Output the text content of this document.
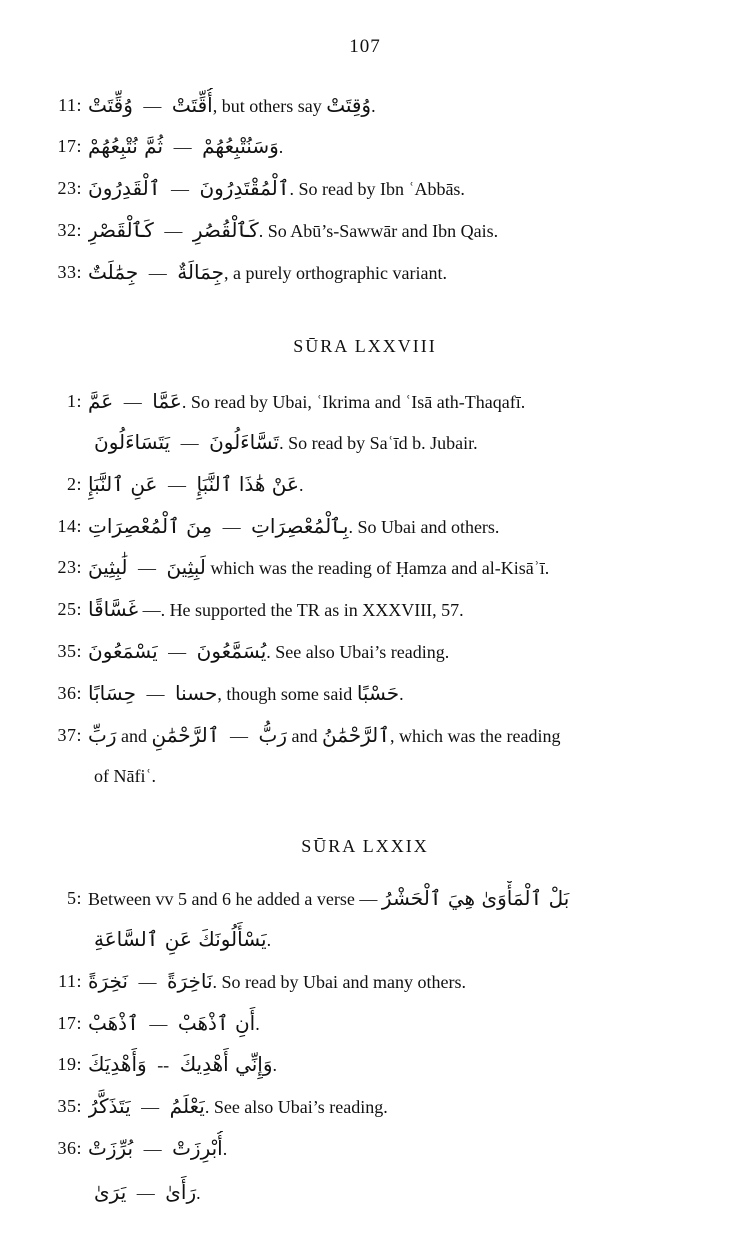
107
11: وُقِّتَتْ — أُقِّتَتْ, but others say وُقِتَتْ.
17: ثُمَّ نُتْبِعُهُمْ — وَسَنُتْبِعُهُمْ.
23: ٱلْقَدِرُونَ — ٱلْمُقْتَدِرُونَ. So read by Ibn ʿAbbās.
32: كَٱلْقَصْرِ — كَٱلْقُصُرِ. So Abū’s-Sawwār and Ibn Qais.
33: جِمَٰلَتٌ — جِمَالَةٌ, a purely orthographic variant.
SŪRA LXXVIII
1: عَمَّ — عَمَّا. So read by Ubai, ʿIkrima and ʿIsā ath-Thaqafī.
يَتَسَاءَلُونَ — تَسَّاءَلُونَ. So read by Saʿīd b. Jubair.
2: عَنِ ٱلنَّبَإِ — عَنْ هَٰذَا ٱلنَّبَإِ.
14: مِنَ ٱلْمُعْصِرَاتِ — بِٱلْمُعْصِرَاتِ. So Ubai and others.
23: لَٰبِثِينَ — لَبِثِينَ which was the reading of Ḥamza and al-Kisāʾī.
25: غَسَّاقًا —. He supported the TR as in XXXVIII, 57.
35: يَسْمَعُونَ — يُسَمَّعُونَ. See also Ubai’s reading.
36: حِسَابًا — حسنا, though some said حَسْبًا.
37: رَبِّ and ٱلرَّحْمَٰنِ — رَبُّ and ٱلرَّحْمَٰنُ, which was the reading
of Nāfiʿ.
SŪRA LXXIX
5: Between vv 5 and 6 he added a verse — بَلْ ٱلْمَأْوَىٰ هِيَ ٱلْحَشْرُ
يَسْأَلُونَكَ عَنِ ٱلسَّاعَةِ.
11: نَخِرَةً — نَاخِرَةً. So read by Ubai and many others.
17: ٱذْهَبْ — أَنِ ٱذْهَبْ.
19: وَأَهْدِيَكَ -- وَإِنِّي أَهْدِيكَ.
35: يَتَذَكَّرُ — يَعْلَمُ. See also Ubai’s reading.
36: بُرِّزَتْ — أُبْرِزَتْ.
يَرَىٰ — رَأَىٰ.
